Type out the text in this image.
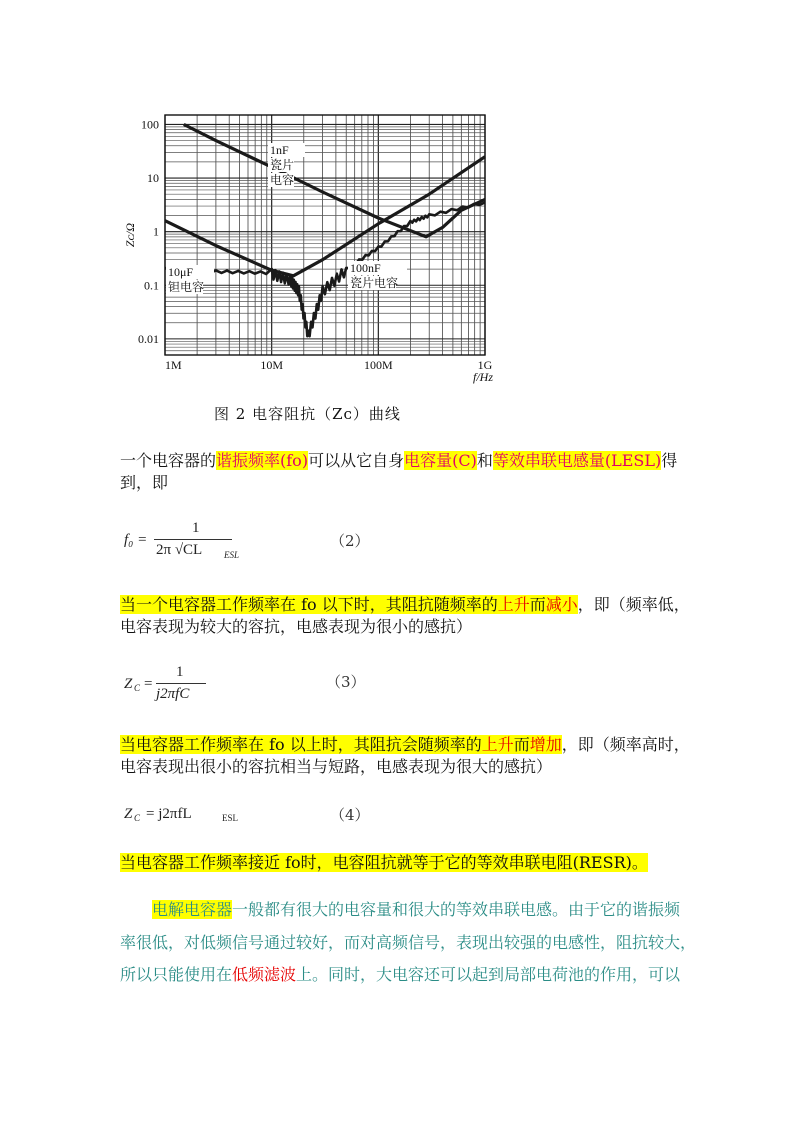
100
10
1
0.1
0.01
1M	10M	100M	1G
f/Hz
Zᴄ/Ω
1nF
瓷片
电容
10μF
钽电容
100nF
瓷片电容
图 2 电容阻抗（Zᴄ）曲线
一个电容器的谐振频率(fo)可以从它自身电容量(C)和等效串联电感量(LESL)得
到，即
f₀ =
1
2π √CL ESL
（2）
当一个电容器工作频率在 fo 以下时，其阻抗随频率的上升而减小，即（频率低，
电容表现为较大的容抗，电感表现为很小的感抗）
Z C =
1
j2πfC
（3）
当电容器工作频率在 fo 以上时，其阻抗会随频率的上升而增加，即（频率高时，
电容表现出很小的容抗相当与短路，电感表现为很大的感抗）
Z C = j2πfL	ESL	（4）
当电容器工作频率接近 fo时，电容阻抗就等于它的等效串联电阻(RESR)。
电解电容器一般都有很大的电容量和很大的等效串联电感。由于它的谐振频
率很低，对低频信号通过较好，而对高频信号，表现出较强的电感性，阻抗较大，
所以只能使用在低频滤波上。同时，大电容还可以起到局部电荷池的作用，可以
